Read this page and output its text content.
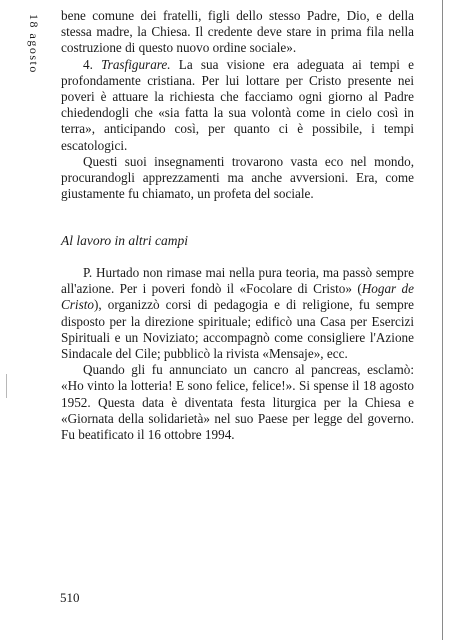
18 agosto bene comune dei fratelli, figli dello stesso Padre, Dio, e della stessa madre, la Chiesa. Il credente deve stare in prima fila nella costruzione di questo nuovo ordine sociale».

4. Trasfigurare. La sua visione era adeguata ai tempi e profondamente cristiana. Per lui lottare per Cristo presente nei poveri è attuare la richiesta che facciamo ogni giorno al Padre chiedendogli che «sia fatta la sua volontà come in cielo così in terra», anticipando così, per quanto ci è possibile, i tempi escatologici.

Questi suoi insegnamenti trovarono vasta eco nel mondo, procurandogli apprezzamenti ma anche avversioni. Era, come giustamente fu chiamato, un profeta del sociale.

Al lavoro in altri campi

P. Hurtado non rimase mai nella pura teoria, ma passò sempre all'azione. Per i poveri fondò il «Focolare di Cristo» (Hogar de Cristo), organizzò corsi di pedagogia e di religione, fu sempre disposto per la direzione spirituale; edificò una Casa per Esercizi Spirituali e un Noviziato; accompagnò come consigliere l'Azione Sindacale del Cile; pubblicò la rivista «Mensaje», ecc.

Quando gli fu annunciato un cancro al pancreas, esclamò: «Ho vinto la lotteria! E sono felice, felice!». Si spense il 18 agosto 1952. Questa data è diventata festa liturgica per la Chiesa e «Giornata della solidarietà» nel suo Paese per legge del governo. Fu beatificato il 16 ottobre 1994.

510
